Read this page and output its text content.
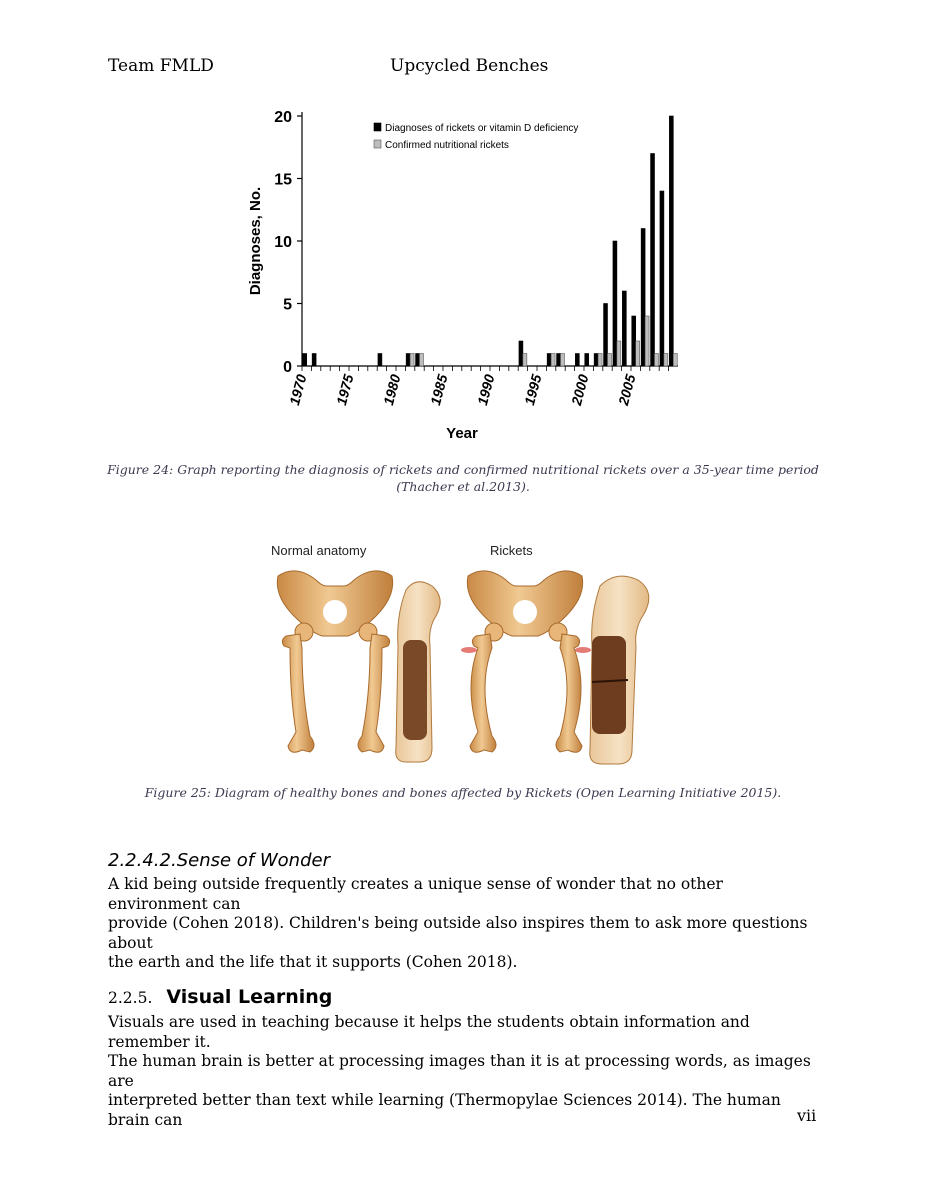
Team FMLD	Upcycled Benches
0
5
10
15
20
1970 1975 1980 1985 1990 1995 2000 2005
Year
Diagnoses, No.
Diagnoses of rickets or vitamin D deficiency
Confirmed nutritional rickets
Figure 24: Graph reporting the diagnosis of rickets and confirmed nutritional rickets over a 35-year time period
(Thacher et al.2013).
Normal anatomy	Rickets
Figure 25: Diagram of healthy bones and bones affected by Rickets (Open Learning Initiative 2015).
2.2.4.2.Sense of Wonder
A kid being outside frequently creates a unique sense of wonder that no other environment can
provide (Cohen 2018). Children's being outside also inspires them to ask more questions about
the earth and the life that it supports (Cohen 2018).
2.2.5. Visual Learning
Visuals are used in teaching because it helps the students obtain information and remember it.
The human brain is better at processing images than it is at processing words, as images are
interpreted better than text while learning (Thermopylae Sciences 2014). The human brain can	vii
